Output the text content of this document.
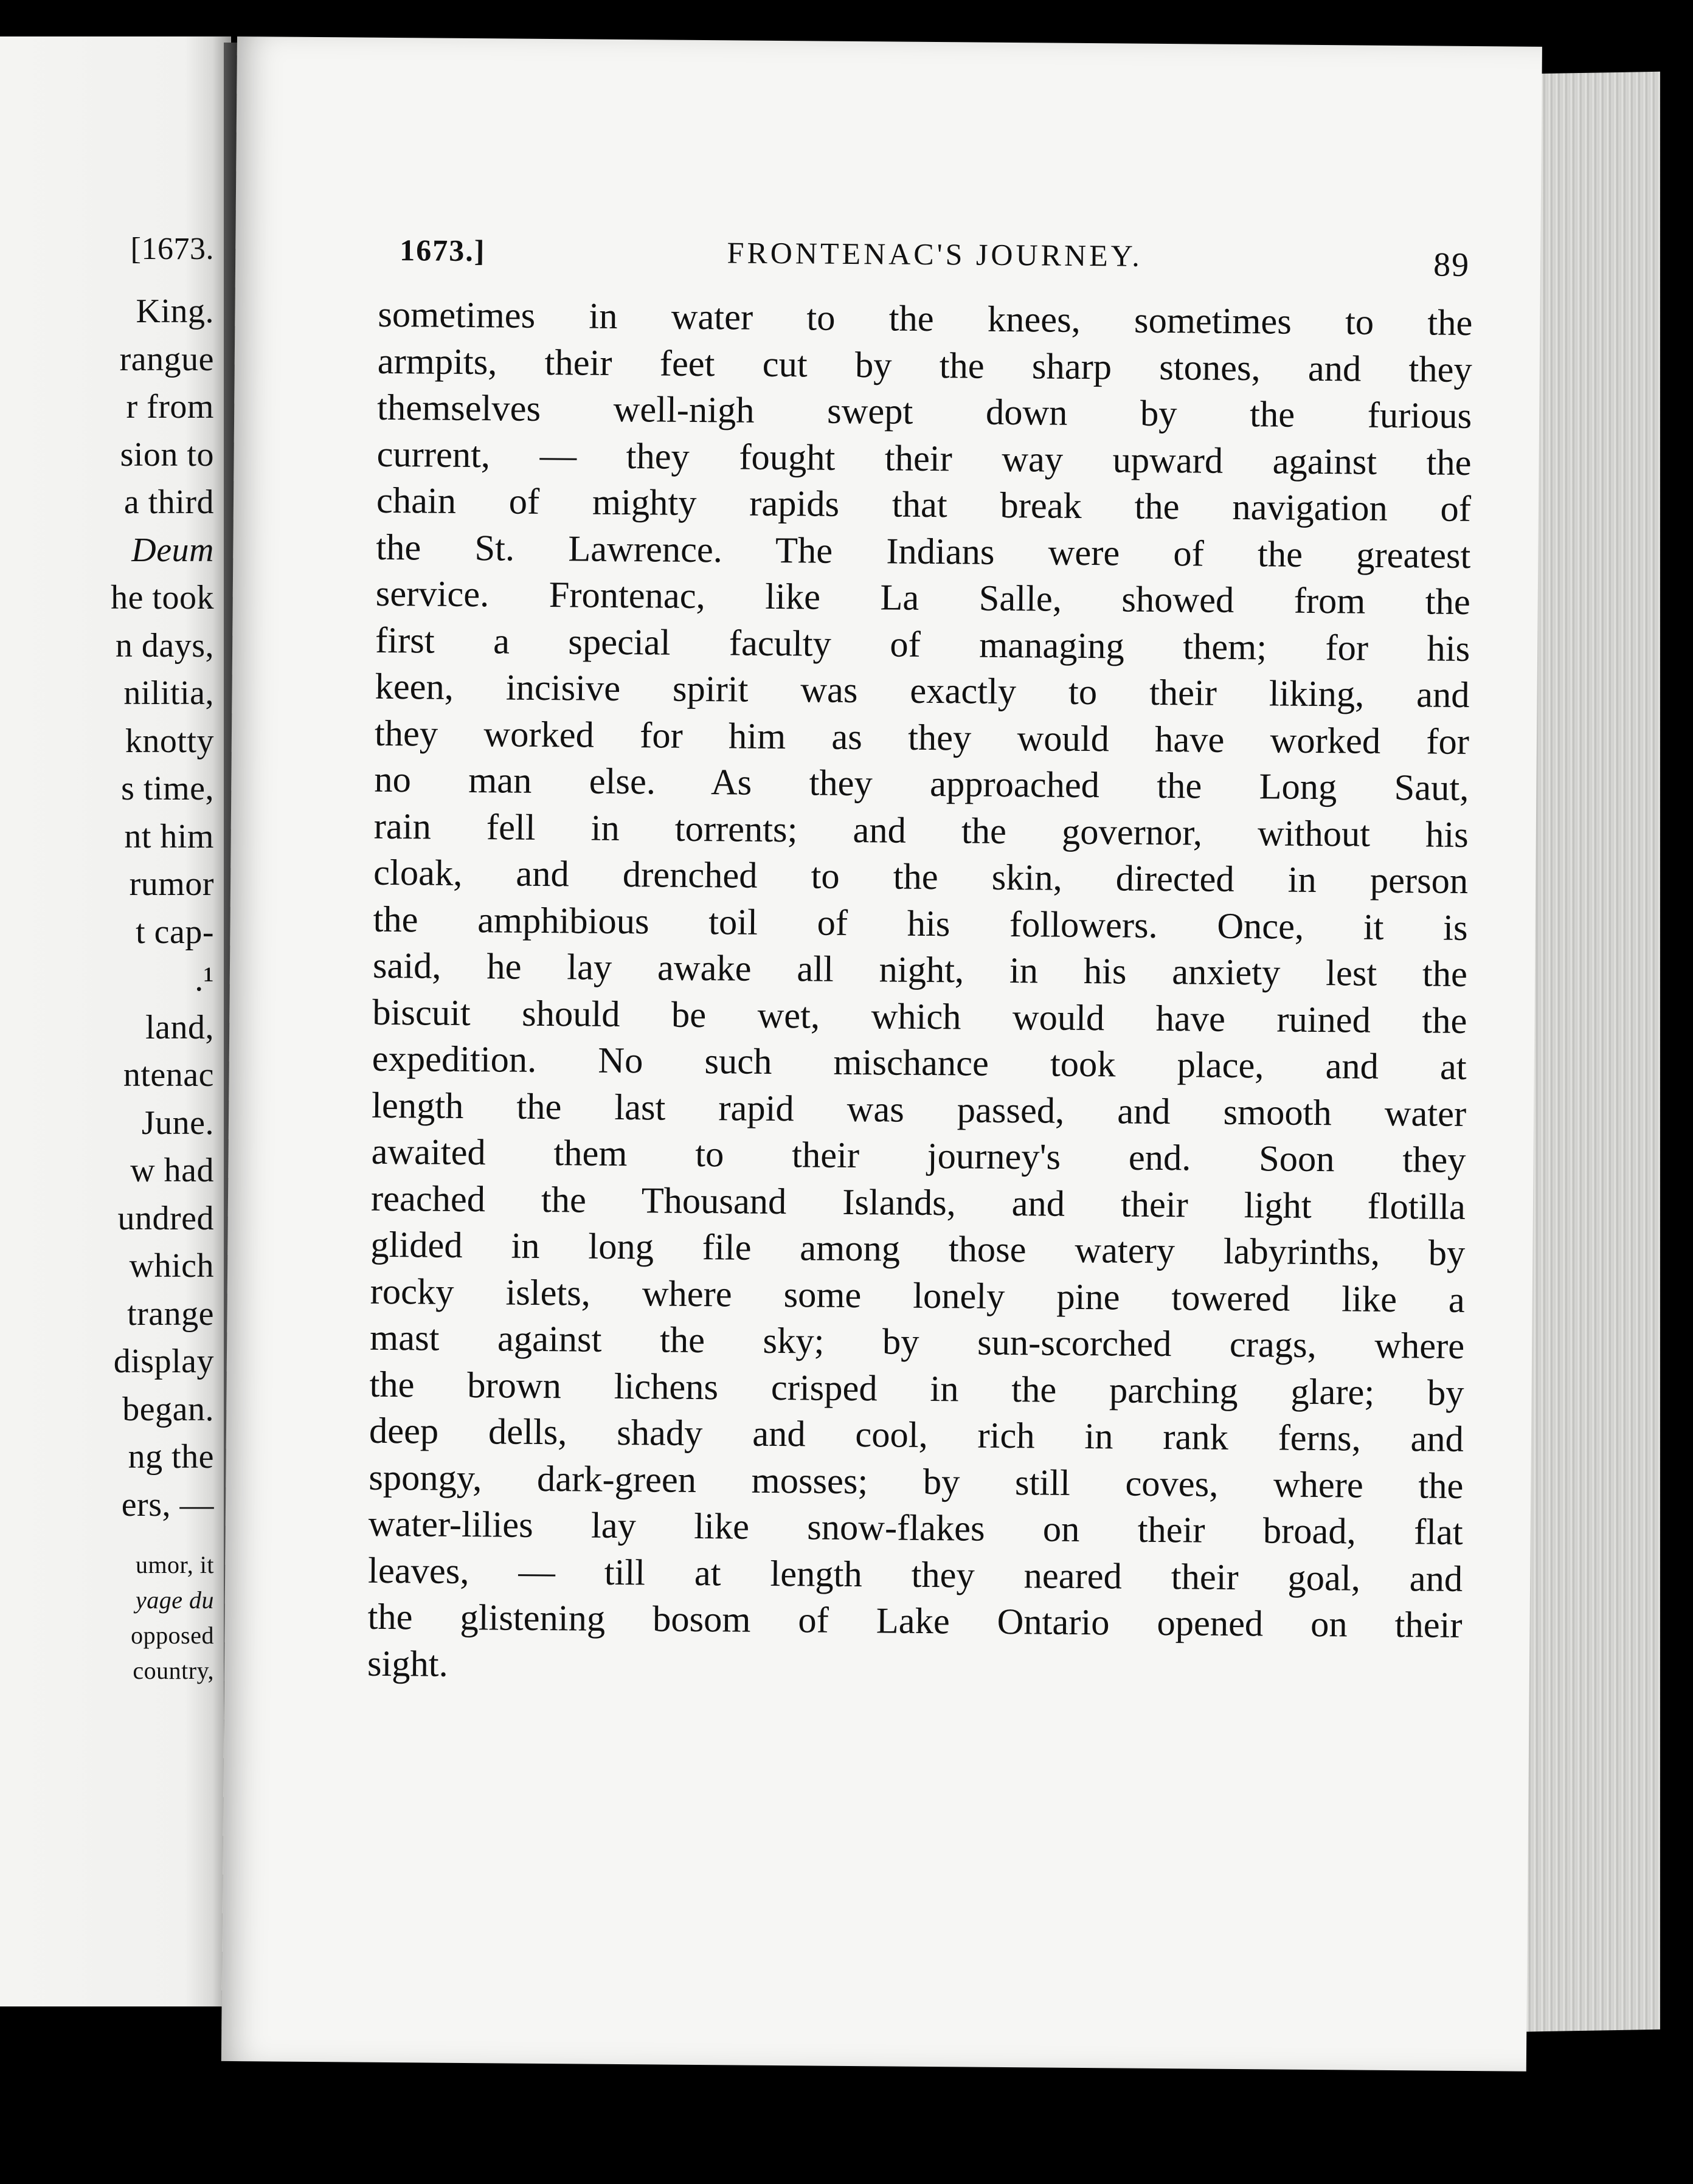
[1673.
King.
rangue
r from
sion to
a third
Deum
he took
n days,
nilitia,
knotty
s time,
nt him
rumor
t cap-
.¹
land,
ntenac
June.
w had
undred
which
trange
display
began.
ng the
ers, —
umor, it
yage du
opposed
country,
1673.]	FRONTENAC'S JOURNEY.	89
sometimes in water to the knees, sometimes to the
armpits, their feet cut by the sharp stones, and they
themselves well-nigh swept down by the furious
current, — they fought their way upward against the
chain of mighty rapids that break the navigation of
the St. Lawrence. The Indians were of the greatest
service. Frontenac, like La Salle, showed from the
first a special faculty of managing them; for his
keen, incisive spirit was exactly to their liking, and
they worked for him as they would have worked for
no man else. As they approached the Long Saut,
rain fell in torrents; and the governor, without his
cloak, and drenched to the skin, directed in person
the amphibious toil of his followers. Once, it is
said, he lay awake all night, in his anxiety lest the
biscuit should be wet, which would have ruined the
expedition. No such mischance took place, and at
length the last rapid was passed, and smooth water
awaited them to their journey's end. Soon they
reached the Thousand Islands, and their light flotilla
glided in long file among those watery labyrinths, by
rocky islets, where some lonely pine towered like a
mast against the sky; by sun-scorched crags, where
the brown lichens crisped in the parching glare; by
deep dells, shady and cool, rich in rank ferns, and
spongy, dark-green mosses; by still coves, where the
water-lilies lay like snow-flakes on their broad, flat
leaves, — till at length they neared their goal, and
the glistening bosom of Lake Ontario opened on their
sight.
